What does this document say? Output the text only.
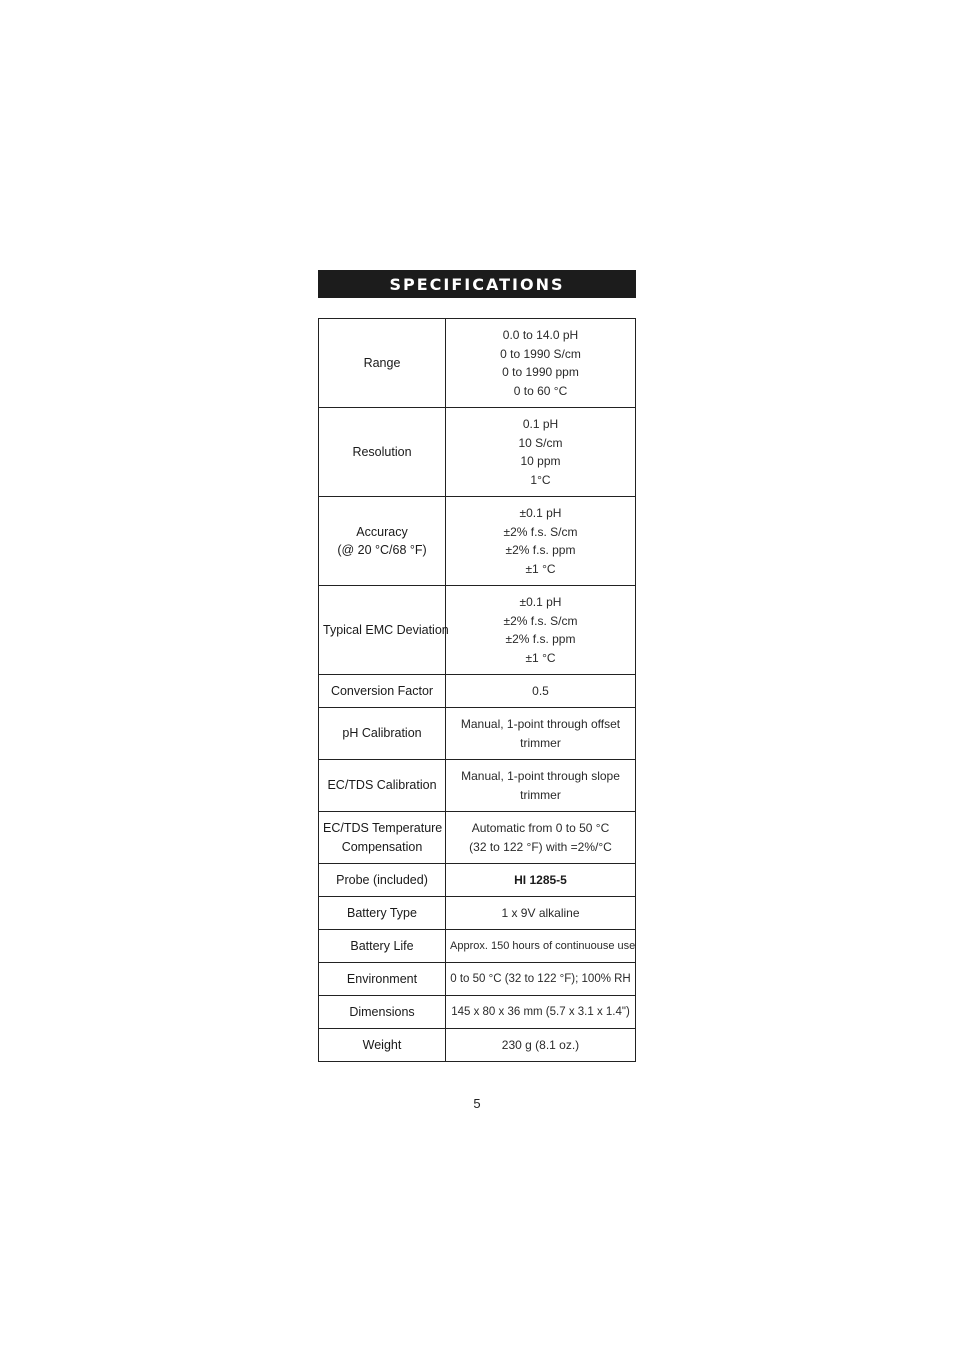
SPECIFICATIONS
Range	0.0 to 14.0 pH
0 to 1990 S/cm
0 to 1990 ppm
0 to 60 °C

Resolution	0.1 pH
10 S/cm
10 ppm
1°C

Accuracy
(@ 20 °C/68 °F)	±0.1 pH
±2% f.s. S/cm
±2% f.s. ppm
±1 °C

Typical EMC Deviation	±0.1 pH
±2% f.s. S/cm
±2% f.s. ppm
±1 °C

Conversion Factor	0.5

pH Calibration	Manual, 1-point through offset
trimmer

EC/TDS Calibration	Manual, 1-point through slope
trimmer

EC/TDS Temperature
Compensation	Automatic from 0 to 50 °C
(32 to 122 °F) with =2%/°C

Probe (included)	HI 1285-5

Battery Type	1 x 9V alkaline

Battery Life	Approx. 150 hours of continuouse use

Environment	0 to 50 °C (32 to 122 °F); 100% RH

Dimensions	145 x 80 x 36 mm (5.7 x 3.1 x 1.4")

Weight	230 g (8.1 oz.)
5
